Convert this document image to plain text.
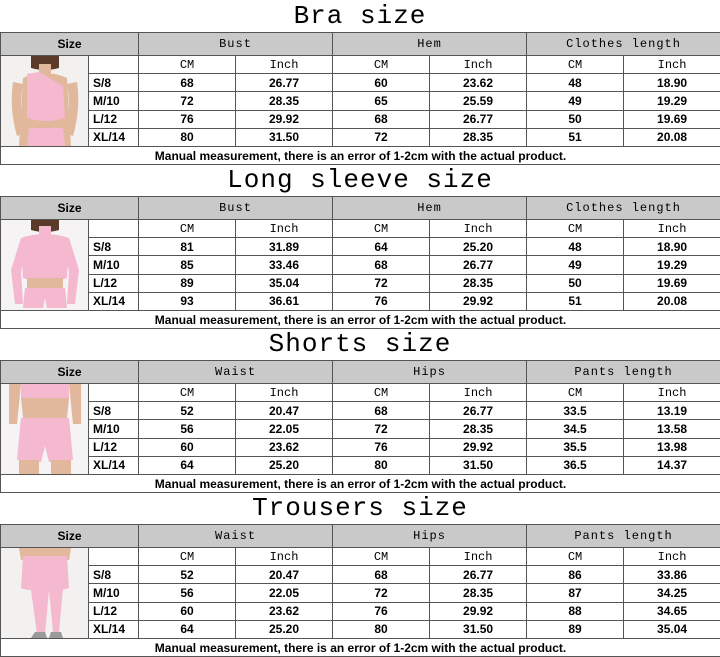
Bra size
Size		Bust		Hem		Clothes length	

		CM	Inch	CM	Inch	CM	Inch
	S/8	68	26.77	60	23.62	48	18.90
	M/10	72	28.35	65	25.59	49	19.29
	L/12	76	29.92	68	26.77	50	19.69
	XL/14	80	31.50	72	28.35	51	20.08
Manual measurement, there is an error of 1-2cm with the actual product.							
Long sleeve size
Size		Bust		Hem		Clothes length	

		CM	Inch	CM	Inch	CM	Inch
	S/8	81	31.89	64	25.20	48	18.90
	M/10	85	33.46	68	26.77	49	19.29
	L/12	89	35.04	72	28.35	50	19.69
	XL/14	93	36.61	76	29.92	51	20.08
Manual measurement, there is an error of 1-2cm with the actual product.							
Shorts size
Size		Waist		Hips		Pants length	

		CM	Inch	CM	Inch	CM	Inch
	S/8	52	20.47	68	26.77	33.5	13.19
	M/10	56	22.05	72	28.35	34.5	13.58
	L/12	60	23.62	76	29.92	35.5	13.98
	XL/14	64	25.20	80	31.50	36.5	14.37
Manual measurement, there is an error of 1-2cm with the actual product.							
Trousers size
Size		Waist		Hips		Pants length	

		CM	Inch	CM	Inch	CM	Inch
	S/8	52	20.47	68	26.77	86	33.86
	M/10	56	22.05	72	28.35	87	34.25
	L/12	60	23.62	76	29.92	88	34.65
	XL/14	64	25.20	80	31.50	89	35.04
Manual measurement, there is an error of 1-2cm with the actual product.							
